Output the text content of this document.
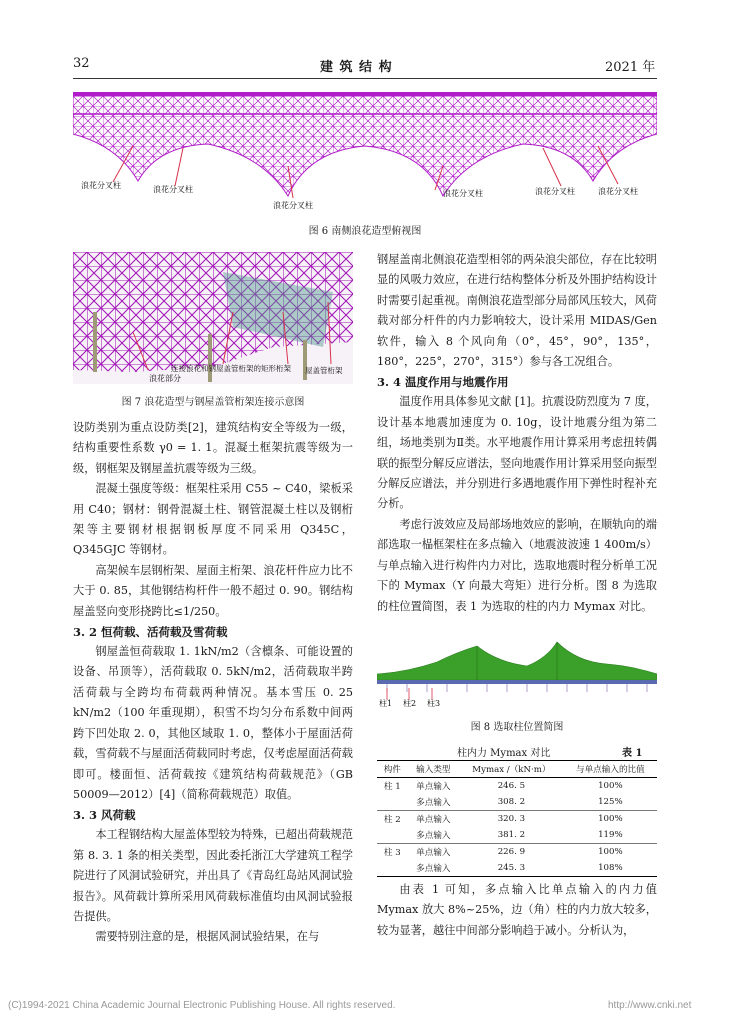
32	建 筑 结 构	2021 年
浪花分叉柱	浪花分叉柱
浪花分叉柱
浪花分叉柱	浪花分叉柱	浪花分叉柱
图 6 南侧浪花造型俯视图
浪花部分
连接浪花和钢屋盖管桁架的矩形桁架 屋盖管桁架
图 7 浪花造型与钢屋盖管桁架连接示意图
设防类别为重点设防类[2]，建筑结构安全等级为一级，结构重要性系数 γ0 = 1. 1。混凝土框架抗震等级为一级，钢框架及钢屋盖抗震等级为三级。
混凝土强度等级：框架柱采用 C55 ~ C40，梁板采用 C40；钢材：钢骨混凝土柱、钢管混凝土柱以及钢桁架等主要钢材根据钢板厚度不同采用 Q345C，Q345GJC 等钢材。
高架候车层钢桁架、屋面主桁架、浪花杆件应力比不大于 0. 85，其他钢结构杆件一般不超过 0. 90。钢结构屋盖竖向变形挠跨比≤1/250。
3. 2 恒荷载、活荷载及雪荷载
钢屋盖恒荷载取 1. 1kN/m2（含檩条、可能设置的设备、吊顶等），活荷载取 0. 5kN/m2，活荷载取半跨活荷载与全跨均布荷载两种情况。基本雪压 0. 25 kN/m2（100 年重现期），积雪不均匀分布系数中间两跨下凹处取 2. 0，其他区域取 1. 0，整体小于屋面活荷载，雪荷载不与屋面活荷载同时考虑，仅考虑屋面活荷载即可。楼面恒、活荷载按《建筑结构荷载规范》（GB 50009—2012）[4]（简称荷载规范）取值。
3. 3 风荷载
本工程钢结构大屋盖体型较为特殊，已超出荷载规范第 8. 3. 1 条的相关类型，因此委托浙江大学建筑工程学院进行了风洞试验研究，并出具了《青岛红岛站风洞试验报告》。风荷载计算所采用风荷载标准值均由风洞试验报告提供。
需要特别注意的是，根据风洞试验结果，在与
钢屋盖南北侧浪花造型相邻的两朵浪尖部位，存在比较明显的风吸力效应，在进行结构整体分析及外围护结构设计时需要引起重视。南侧浪花造型部分局部风压较大，风荷载对部分杆件的内力影响较大，设计采用 MIDAS/Gen 软件，输入 8 个风向角（0°，45°，90°，135°，180°，225°，270°，315°）参与各工况组合。
3. 4 温度作用与地震作用
温度作用具体参见文献 [1]。抗震设防烈度为 7 度，设计基本地震加速度为 0. 10g，设计地震分组为第二组，场地类别为Ⅱ类。水平地震作用计算采用考虑扭转偶联的振型分解反应谱法，竖向地震作用计算采用竖向振型分解反应谱法，并分别进行多遇地震作用下弹性时程补充分析。
考虑行波效应及局部场地效应的影响，在顺轨向的端部选取一榀框架柱在多点输入（地震波波速 1 400m/s）与单点输入进行构件内力对比，选取地震时程分析单工况下的 Mymax（Y 向最大弯矩）进行分析。图 8 为选取的柱位置简图，表 1 为选取的柱的内力 Mymax 对比。
柱1 柱2 柱3
图 8 选取柱位置简图
柱内力 Mymax 对比	表 1
构件	输入类型	Mymax /（kN·m）	与单点输入的比值
柱 1	单点输入	246. 5	100%
	多点输入	308. 2	125%
柱 2	单点输入	320. 3	100%
	多点输入	381. 2	119%
柱 3	单点输入	226. 9	100%
	多点输入	245. 3	108%
由表 1 可知，多点输入比单点输入的内力值 Mymax 放大 8%~25%，边（角）柱的内力放大较多，较为显著，越往中间部分影响趋于减小。分析认为，
(C)1994-2021 China Academic Journal Electronic Publishing House. All rights reserved.	http://www.cnki.net
